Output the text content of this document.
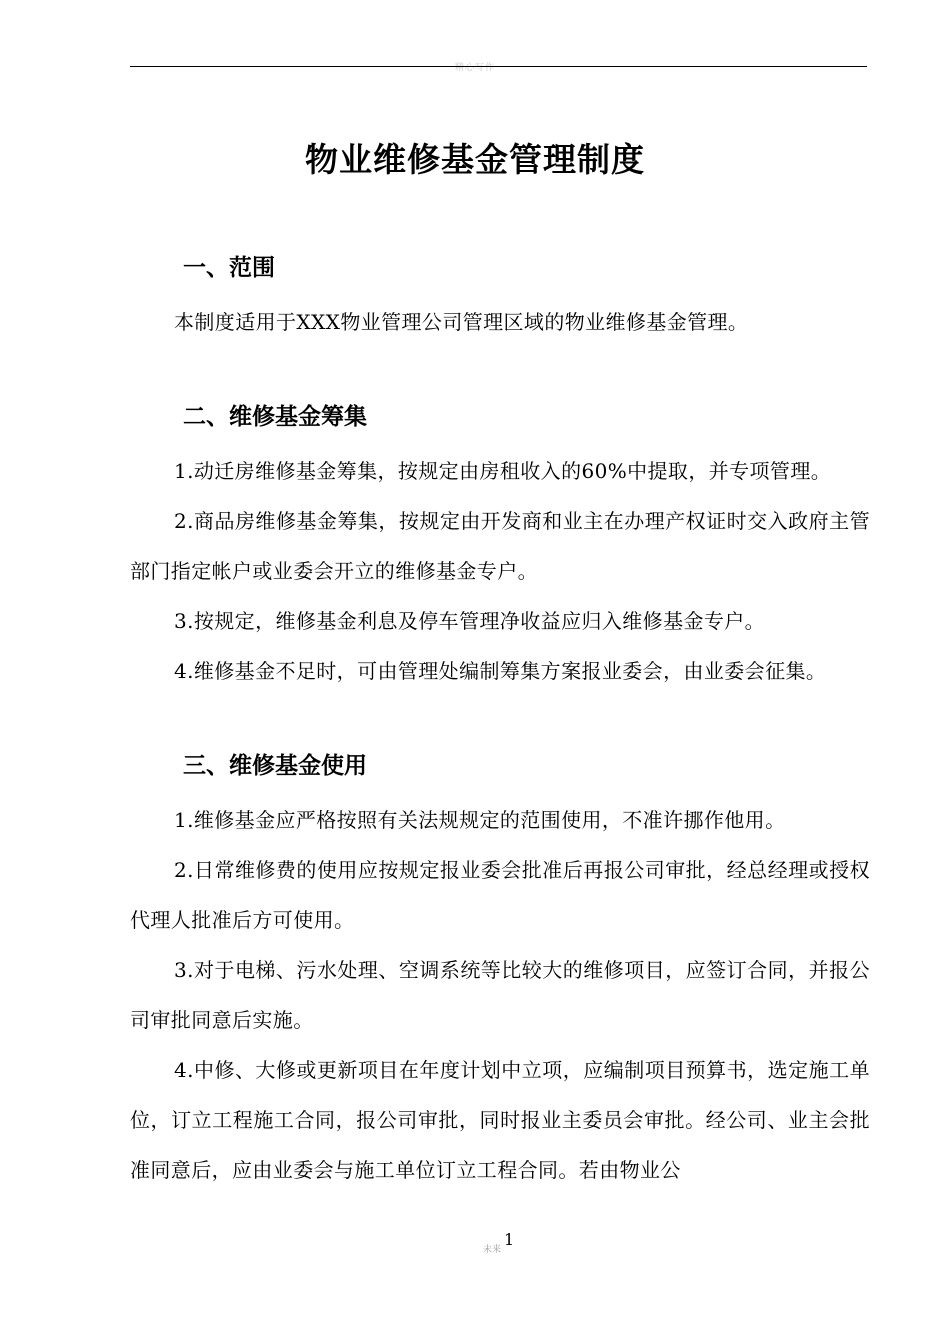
精心写作
物业维修基金管理制度
一、范围
本制度适用于XXX物业管理公司管理区域的物业维修基金管理。
二、维修基金筹集
1.动迁房维修基金筹集，按规定由房租收入的60%中提取，并专项管理。
2.商品房维修基金筹集，按规定由开发商和业主在办理产权证时交入政府主管部门指定帐户或业委会开立的维修基金专户。
3.按规定，维修基金利息及停车管理净收益应归入维修基金专户。
4.维修基金不足时，可由管理处编制筹集方案报业委会，由业委会征集。
三、维修基金使用
1.维修基金应严格按照有关法规规定的范围使用，不准许挪作他用。
2.日常维修费的使用应按规定报业委会批准后再报公司审批，经总经理或授权代理人批准后方可使用。
3.对于电梯、污水处理、空调系统等比较大的维修项目，应签订合同，并报公司审批同意后实施。
4.中修、大修或更新项目在年度计划中立项，应编制项目预算书，选定施工单位，订立工程施工合同，报公司审批，同时报业主委员会审批。经公司、业主会批准同意后，应由业委会与施工单位订立工程合同。若由物业公
未来
1
